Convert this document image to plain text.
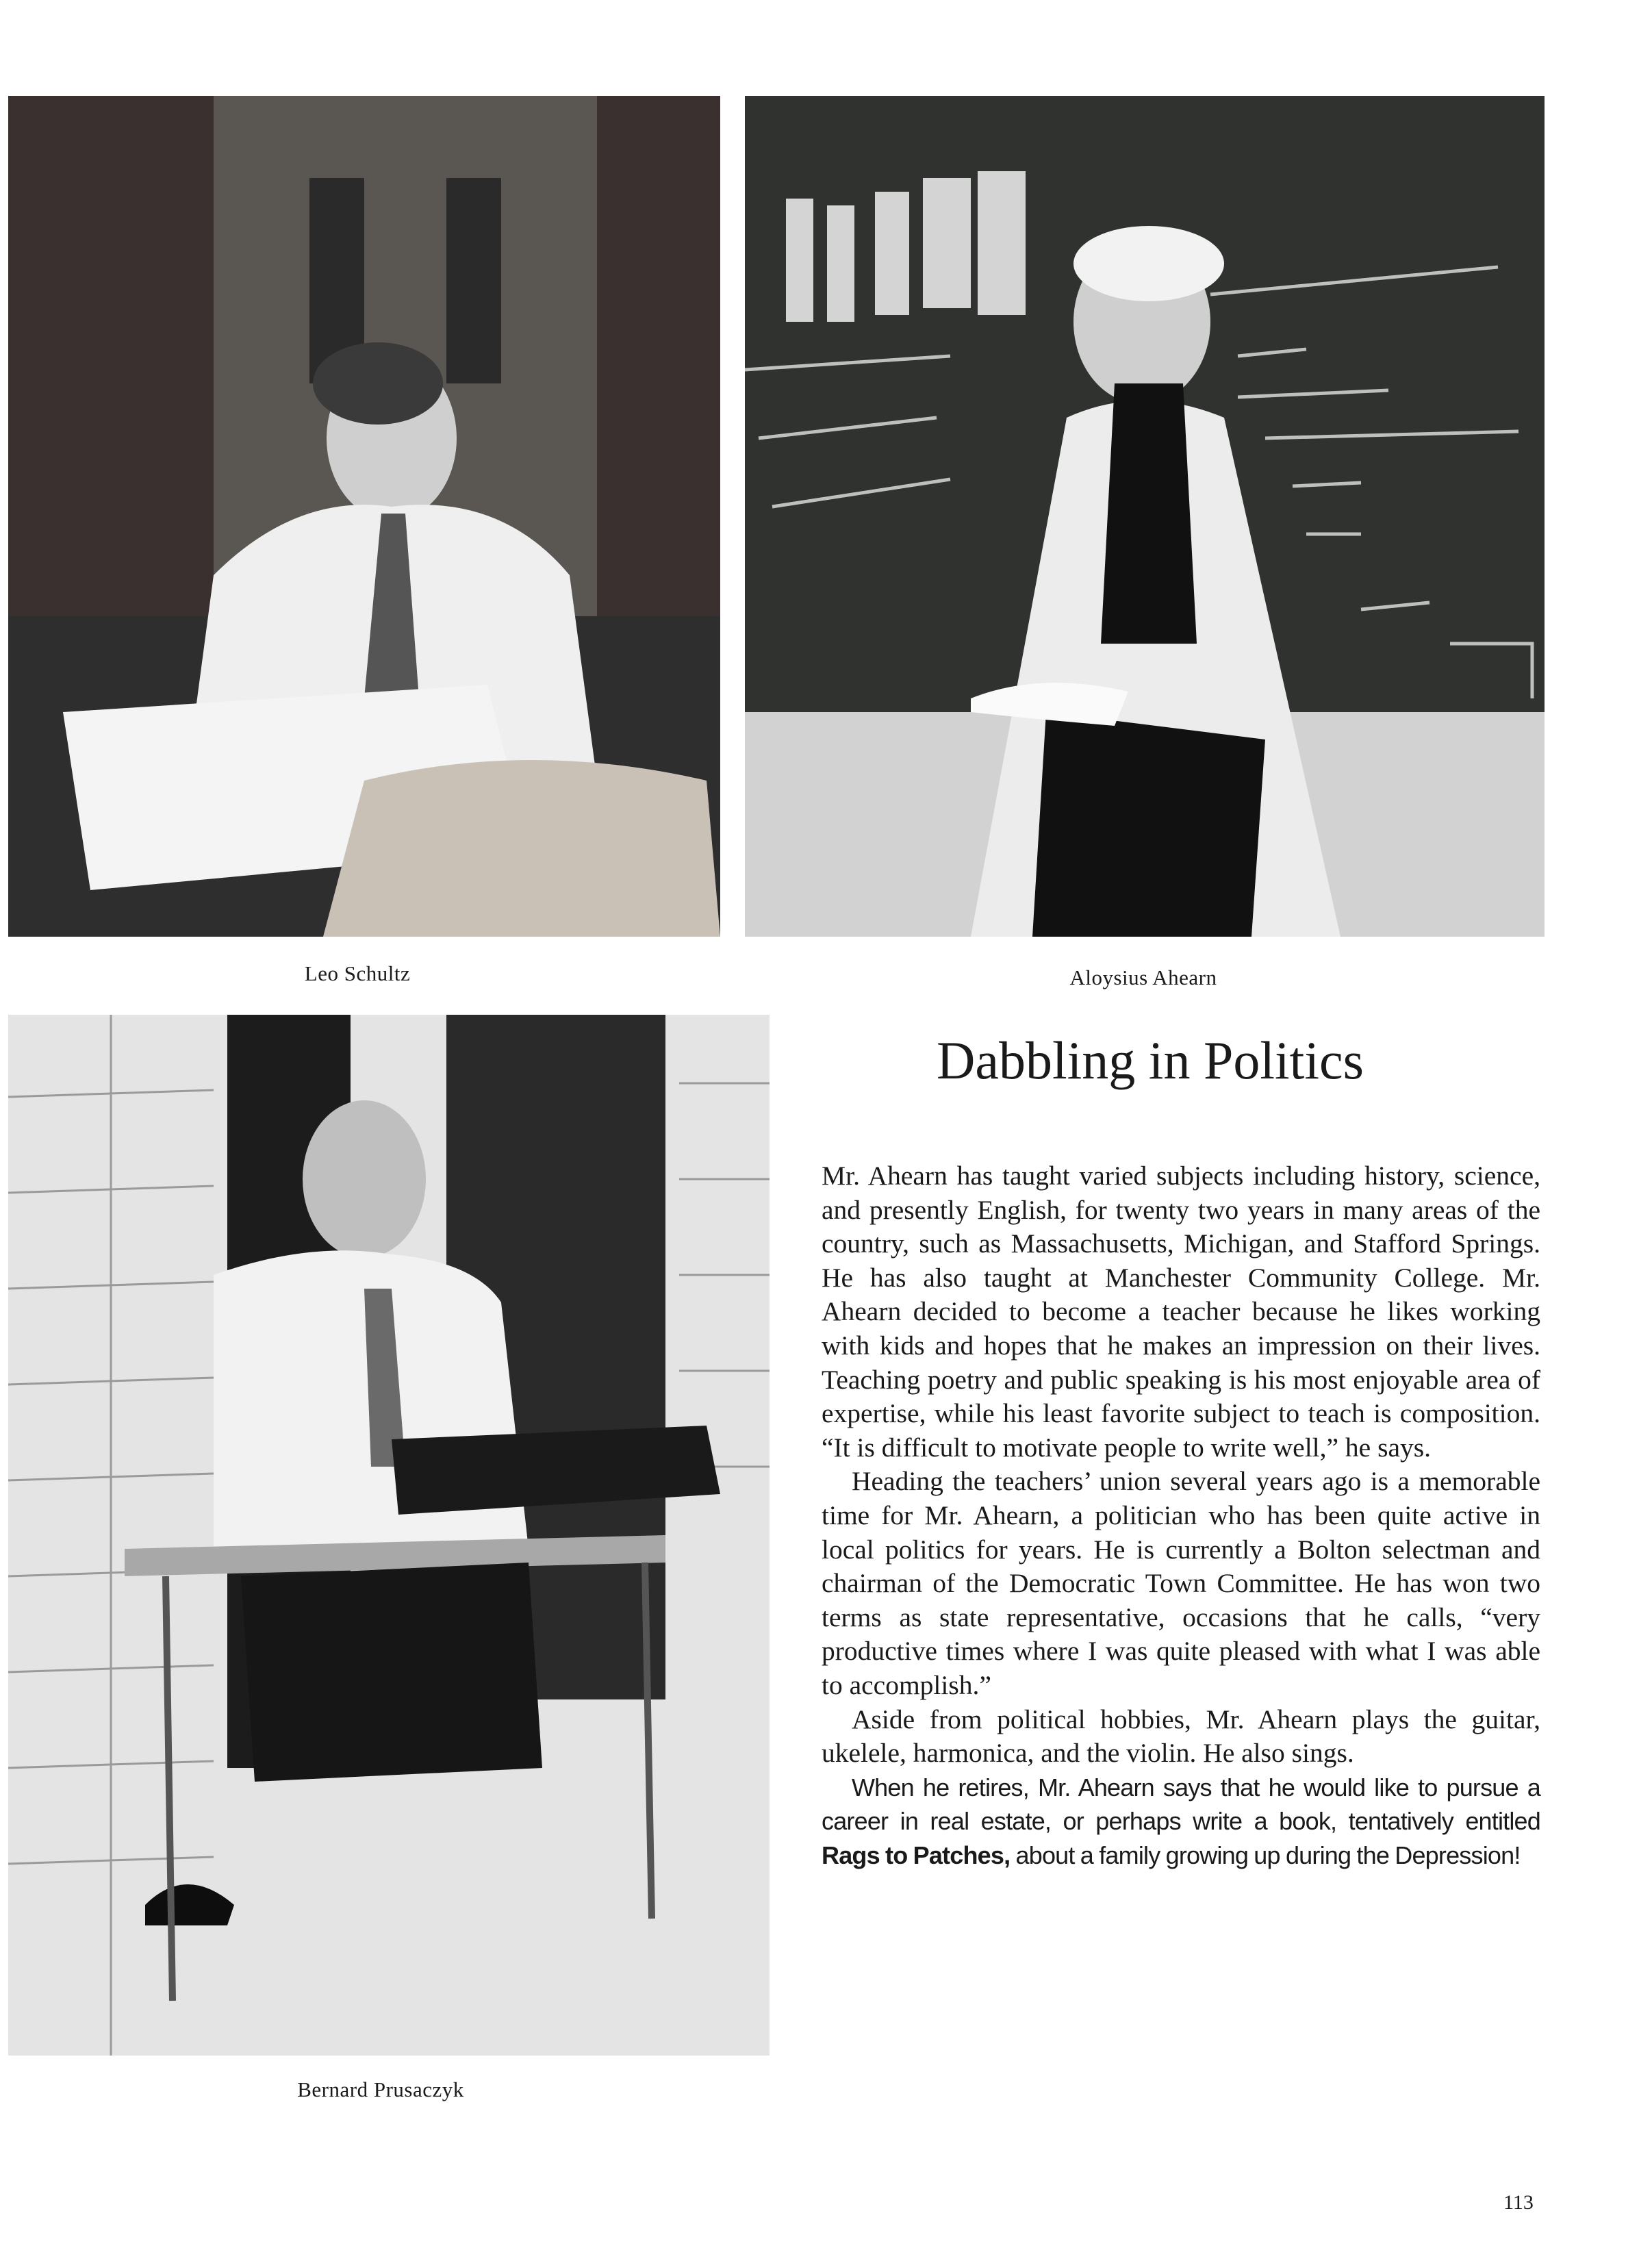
Leo Schultz	Aloysius Ahearn
Bernard Prusaczyk
Dabbling in Politics

Mr. Ahearn has taught varied subjects including history, science, and presently English, for twenty two years in many areas of the country, such as Massachusetts, Michigan, and Stafford Springs. He has also taught at Manchester Community College. Mr. Ahearn decided to become a teacher because he likes working with kids and hopes that he makes an impression on their lives. Teaching poetry and public speaking is his most enjoyable area of expertise, while his least favorite subject to teach is composition. “It is difficult to motivate people to write well,” he says.

Heading the teachers’ union several years ago is a memorable time for Mr. Ahearn, a politician who has been quite active in local politics for years. He is currently a Bolton selectman and chairman of the Democratic Town Committee. He has won two terms as state representative, occasions that he calls, “very productive times where I was quite pleased with what I was able to accomplish.”

Aside from political hobbies, Mr. Ahearn plays the guitar, ukelele, harmonica, and the violin. He also sings.

When he retires, Mr. Ahearn says that he would like to pursue a career in real estate, or perhaps write a book, tentatively entitled Rags to Patches, about a family growing up during the Depression!

113
